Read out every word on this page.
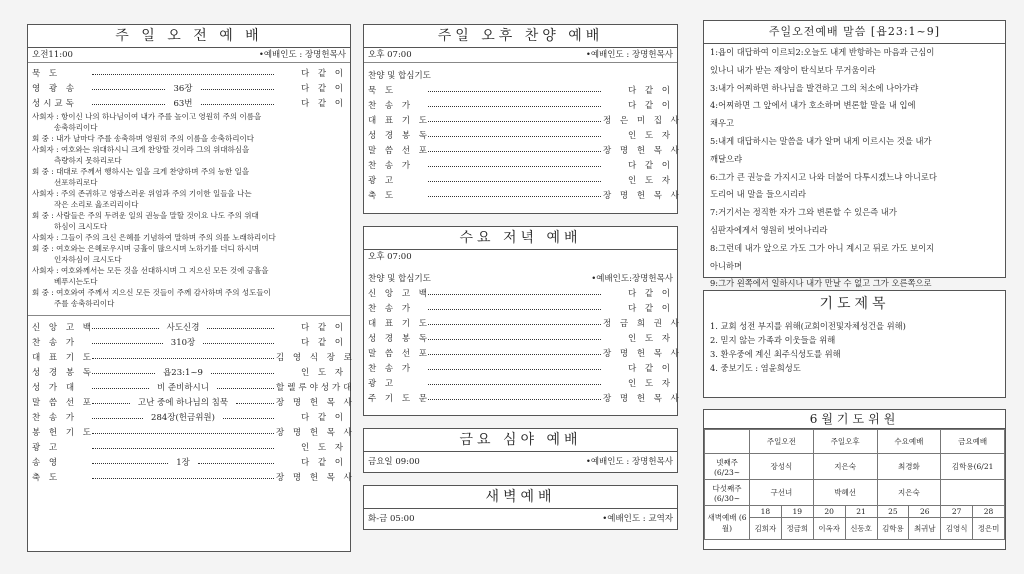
주 일 오 전 예 배
오전11:00	•예배인도 : 장명헌목사
묵 도	다 같 이
영 광 송	36장	다 같 이
성시교독	63번	다 같 이
사회자 : 항이신 나의 하나님이여 내가 주를 높이고 영원히 주의 이름을
송축하리이다
회 중 : 내가 날마다 주를 송축하며 영원히 주의 이름을 송축하리이다
사회자 : 여호와는 위대하시니 크게 찬양할 것이라 그의 위대하심을
측량하지 못하리로다
회 중 : 대대로 주께서 행하시는 일을 크게 찬양하며 주의 능한 일을
선포하리로다
사회자 : 주의 존귀하고 영광스러운 위엄과 주의 기이한 일들을 나는
작은 소리로 읊조리리이다
회 중 : 사람들은 주의 두려운 일의 권능을 말할 것이요 나도 주의 위대
하심이 크시도다
사회자 : 그들이 주의 크신 은혜를 기념하여 말하며 주의 의를 노래하리이다
회 중 : 여호와는 은혜로우시며 긍휼이 많으시며 노하기를 더디 하시며
인자하심이 크시도다
사회자 : 여호와께서는 모든 것을 선대하시며 그 지으신 모든 것에 긍휼을
베푸시는도다
회 중 : 여호와여 주께서 지으신 모든 것들이 주께 감사하며 주의 성도들이
주를 송축하리이다
신 앙 고 백	사도신경	다 같 이
찬 송 가	310장	다 같 이
대 표 기 도	김 영 식 장 로
성 경 봉 독	욥23:1~9	인 도 자
성 가 대	비 준비하시니	할렐루야성가대
말 씀 선 포	고난 중에 하나님의 침묵	장 명 헌 목 사
찬 송 가	284장(헌금위원)	다 같 이
봉 헌 기 도	장 명 헌 목 사
광 고	인 도 자
송 영	1장	다 같 이
축 도	장 명 헌 목 사
주일 오후 찬양 예배
오후 07:00	•예배인도 : 장명헌목사
찬양 및 합심기도
묵 도	다 같 이
찬 송 가	다 같 이
대 표 기 도	정 은 미 집 사
성 경 봉 독	인 도 자
말 씀 선 포	장 명 헌 목 사
찬 송 가	다 같 이
광 고	인 도 자
축 도	장 명 헌 목 사
수요 저녁 예배
오후 07:00
찬양 및 합심기도	•예배인도:장명헌목사
신 앙 고 백	다 같 이
찬 송 가	다 같 이
대 표 기 도	정 금 희 권 사
성 경 봉 독	인 도 자
말 씀 선 포	장 명 헌 목 사
찬 송 가	다 같 이
광 고	인 도 자
주 기 도 문	장 명 헌 목 사
금요 심야 예배
금요일 09:00	•예배인도 : 장명헌목사
새벽예배
화-금 05:00	•예배인도 : 교역자
주일오전예배 말씀 [욥23:1~9]
1:욥이 대답하여 이르되2:오늘도 내게 반항하는 마음과 근심이
있나니 내가 받는 재앙이 탄식보다 무거움이라
3:내가 어찌하면 하나님을 발견하고 그의 처소에 나아가랴
4:어찌하면 그 앞에서 내가 호소하며 변론할 말을 내 입에
채우고
5:내게 대답하시는 말씀을 내가 알며 내게 이르시는 것을 내가
깨달으랴
6:그가 큰 권능을 가지시고 나와 더불어 다투시겠느냐 아니로다
도리어 내 말을 들으시리라
7:거기서는 정직한 자가 그와 변론할 수 있은즉 내가
심판자에게서 영원히 벗어나리라
8:그런데 내가 앞으로 가도 그가 아니 계시고 뒤로 가도 보이지
아니하며
9:그가 왼쪽에서 일하시나 내가 만날 수 없고 그가 오른쪽으로
기도제목
1. 교회 성전 부지를 위해(교회이전및자체성건을 위해)
2. 믿지 않는 가족과 이웃들을 위해
3. 환우중에 계신 최주식성도를 위해
4. 중보기도 : 염윤희성도
6월기도위원
	주일오전		주일오후		수요예배		금요예배	
넷째주 (6/23~	장성식		지은숙		최경화		김학용(6/21	
다섯째주 (6/30~	구선녀		박혜선		지은숙			
새벽예배 (6월)	18	19	20	21	25	26	27	28
	김희자	정금희	이옥자	신동호	김학용	최귀남	김영식	정은미
